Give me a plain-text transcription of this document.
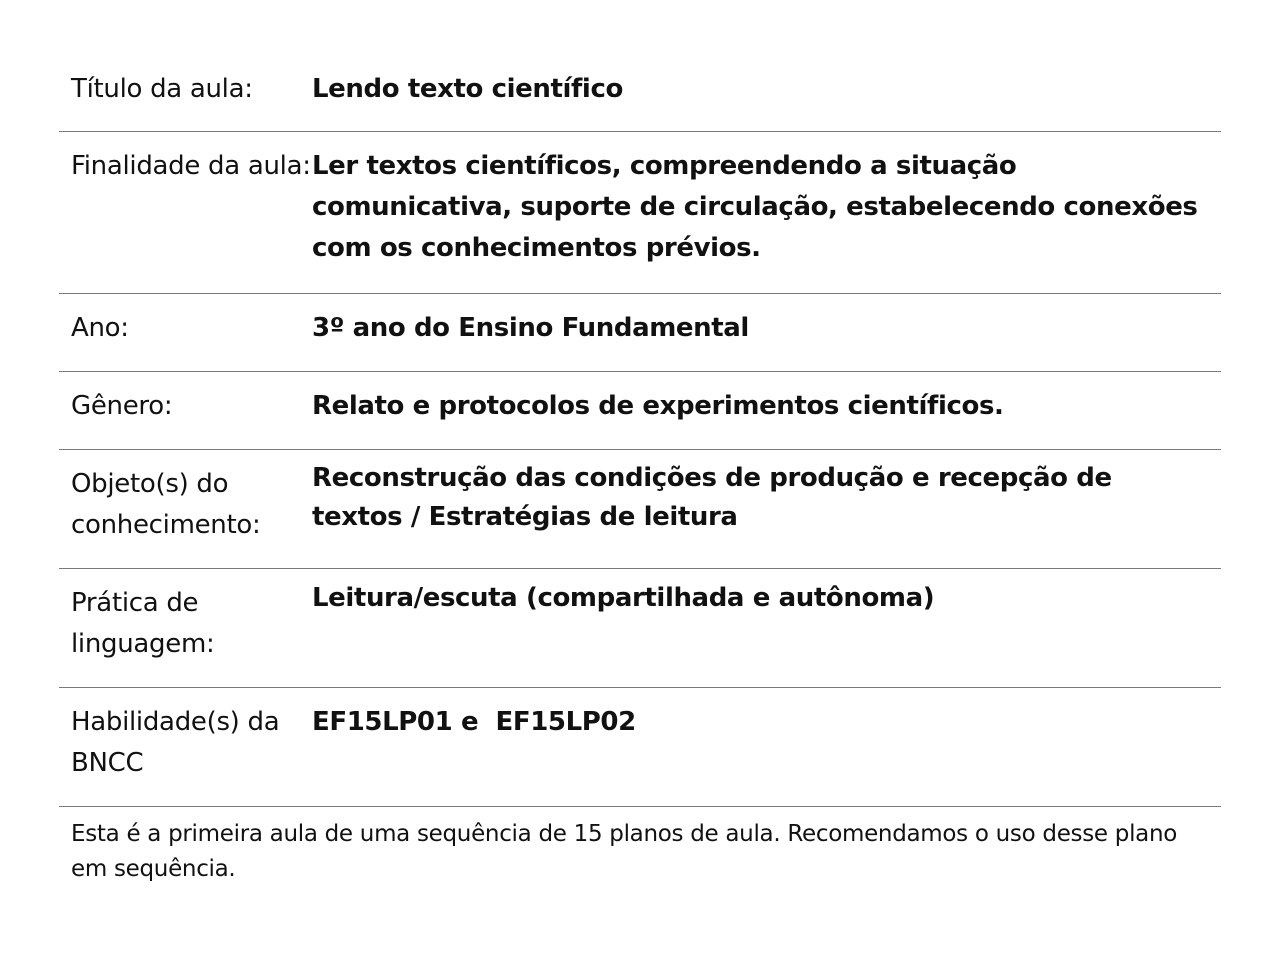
Título da aula:	Lendo texto científico
Finalidade da aula:	Ler textos científicos, compreendendo a situação comunicativa, suporte de circulação, estabelecendo conexões com os conhecimentos prévios.
Ano:	3º ano do Ensino Fundamental
Gênero:	Relato e protocolos de experimentos científicos.
Objeto(s) do conhecimento:	Reconstrução das condições de produção e recepção de textos / Estratégias de leitura
Prática de linguagem:	Leitura/escuta (compartilhada e autônoma)
Habilidade(s) da BNCC	EF15LP01 e  EF15LP02
Esta é a primeira aula de uma sequência de 15 planos de aula. Recomendamos o uso desse plano em sequência.
